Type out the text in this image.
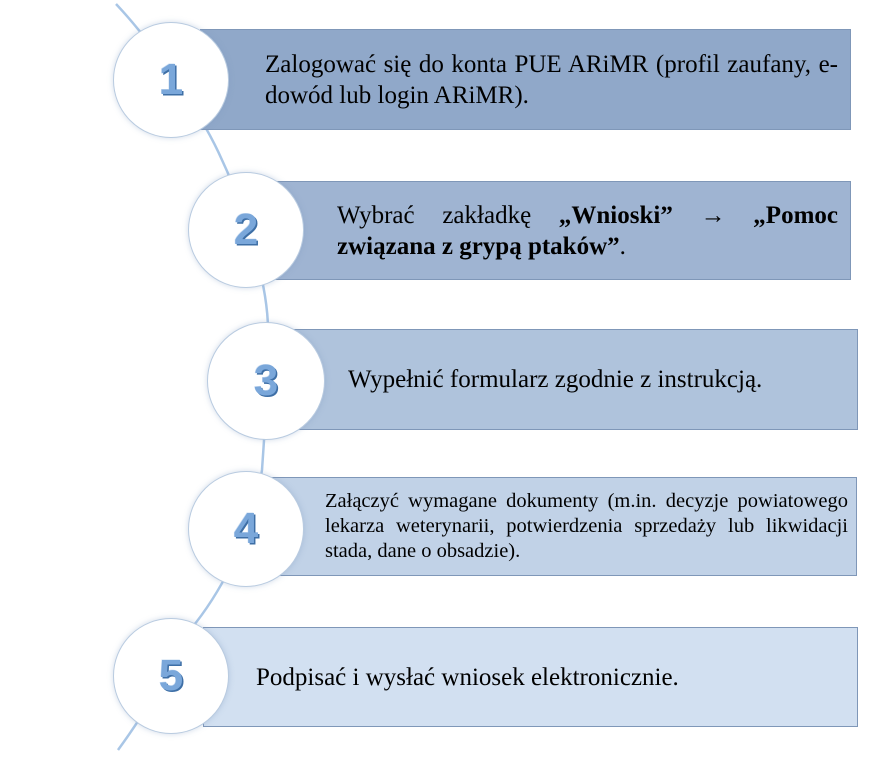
Zalogować się do konta PUE ARiMR (profil zaufany, e-dowód lub login ARiMR).
1
Wybrać zakładkę „Wnioski” → „Pomoc związana z grypą ptaków”.
2
Wypełnić formularz zgodnie z instrukcją.
3
Załączyć wymagane dokumenty (m.in. decyzje powiatowego lekarza weterynarii, potwierdzenia sprzedaży lub likwidacji stada, dane o obsadzie).
4
Podpisać i wysłać wniosek elektronicznie.
5
